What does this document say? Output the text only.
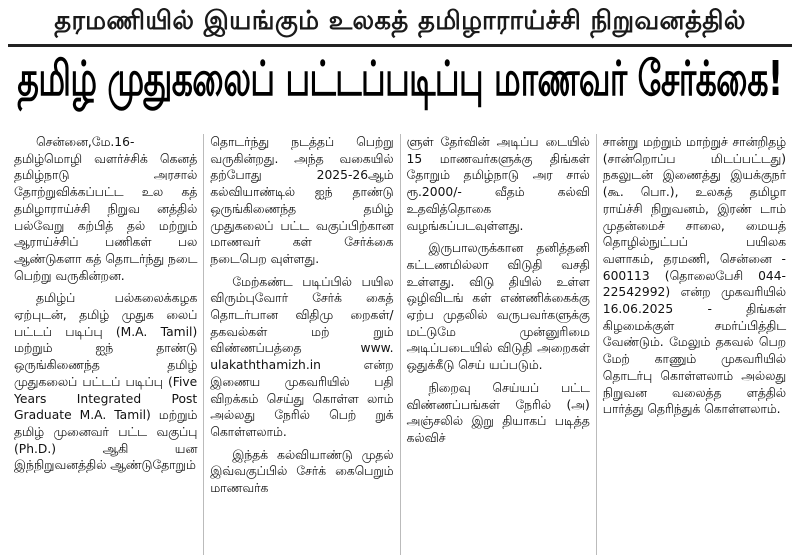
தரமணியில் இயங்கும் உலகத் தமிழாராய்ச்சி நிறுவனத்தில்
தமிழ் முதுகலைப் பட்டப்படிப்பு மாணவர் சேர்க்கை!

சென்னை,மே.16- தமிழ்மொழி வளர்ச்சிக் கெனத் தமிழ்நாடு அரசால் தோற்றுவிக்கப்பட்ட உல கத் தமிழாராய்ச்சி நிறுவ னத்தில் பல்வேறு கற்பித் தல் மற்றும் ஆராய்ச்சிப் பணிகள் பல ஆண்டுகளா கத் தொடர்ந்து நடை பெற்று வருகின்றன.

தமிழ்ப் பல்கலைக்கழக ஏற்புடன், தமிழ் முதுக லைப் பட்டப் படிப்பு (M.A. Tamil) மற்றும் ஐந் தாண்டு ஒருங்கிணைந்த தமிழ் முதுகலைப் பட்டப் படிப்பு (Five Years Integrated Post Graduate M.A. Tamil) மற்றும் தமிழ் முனைவர் பட்ட வகுப்பு (Ph.D.) ஆகி யன இந்நிறுவனத்தில் ஆண்டுதோறும்

தொடர்ந்து நடத்தப் பெற்று வருகின்றது. அந்த வகையில் தற்போது 2025-26ஆம் கல்வியாண்டில் ஐந் தாண்டு ஒருங்கிணைந்த தமிழ் முதுகலைப் பட்ட வகுப்பிற்கான மாணவர் கள் சேர்க்கை நடைபெற வுள்ளது.

மேற்கண்ட படிப்பில் பயில விரும்புவோர் சேர்க் கைத் தொடர்பான விதிமு றைகள்/ தகவல்கள் மற் றும் விண்ணப்பத்தை www. ulakaththamizh.in என்ற இணைய முகவரியில் பதி விறக்கம் செய்து கொள்ள லாம் அல்லது நேரில் பெற் றுக் கொள்ளலாம்.

இந்தக் கல்வியாண்டு முதல் இவ்வகுப்பில் சேர்க் கைபெறும் மாணவர்க

ளுள் தேர்வின் அடிப்ப டையில் 15 மாணவர்களுக்கு திங்கள் தோறும் தமிழ்நாடு அர சால் ரூ.2000/- வீதம் கல்வி உதவித்தொகை வழங்கப்படவுள்ளது.

இருபாலருக்கான தனித்தனி கட்டணமில்லா விடுதி வசதி உள்ளது. விடு தியில் உள்ள ஒழிவிடங் கள் எண்ணிக்கைக்கு ஏற்ப முதலில் வருபவர்களுக்கு மட்டுமே முன்னுரிமை அடிப்படையில் விடுதி அறைகள் ஒதுக்கீடு செய் யப்படும்.

நிறைவு செய்யப் பட்ட விண்ணப்பங்கள் நேரில் (அ) அஞ்சலில் இறு தியாகப் படித்த கல்விச்

சான்று மற்றும் மாற்றுச் சான்றிதழ் (சான்றொப்ப மிடப்பட்டது) நகலுடன் இணைத்து இயக்குநர் (கூ. பொ.), உலகத் தமிழா ராய்ச்சி நிறுவனம், இரண் டாம் முதன்மைச் சாலை, மையத் தொழில்நுட்பப் பயிலக வளாகம், தரமணி, சென்னை - 600113 (தொலைபேசி 044-22542992) என்ற முகவரியில் 16.06.2025 - திங்கள் கிழமைக்குள் சமர்ப்பித்திட வேண்டும். மேலும் தகவல் பெற மேற் காணும் முகவரியில் தொடர்பு கொள்ளலாம் அல்லது நிறுவன வலைத்த ளத்தில் பார்த்து தெரிந்துக் கொள்ளலாம்.
